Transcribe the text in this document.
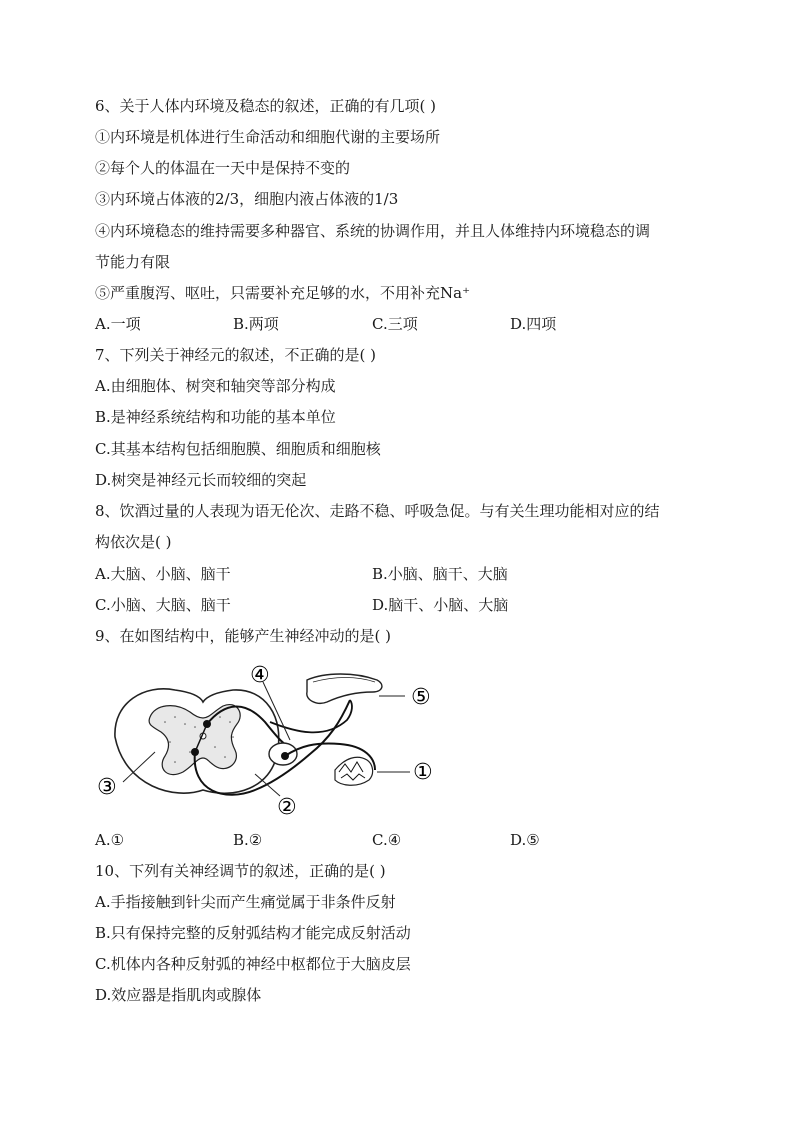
6、关于人体内环境及稳态的叙述，正确的有几项( )
①内环境是机体进行生命活动和细胞代谢的主要场所
②每个人的体温在一天中是保持不变的
③内环境占体液的2/3，细胞内液占体液的1/3
④内环境稳态的维持需要多种器官、系统的协调作用，并且人体维持内环境稳态的调
节能力有限
⑤严重腹泻、呕吐，只需要补充足够的水，不用补充Na⁺
A.一项	B.两项	C.三项	D.四项
7、下列关于神经元的叙述，不正确的是( )
A.由细胞体、树突和轴突等部分构成
B.是神经系统结构和功能的基本单位
C.其基本结构包括细胞膜、细胞质和细胞核
D.树突是神经元长而较细的突起
8、饮酒过量的人表现为语无伦次、走路不稳、呼吸急促。与有关生理功能相对应的结
构依次是( )
A.大脑、小脑、脑干	B.小脑、脑干、大脑
C.小脑、大脑、脑干	D.脑干、小脑、大脑
9、在如图结构中，能够产生神经冲动的是( )
①
②
③
④
⑤
A.①	B.②	C.④	D.⑤
10、下列有关神经调节的叙述，正确的是( )
A.手指接触到针尖而产生痛觉属于非条件反射
B.只有保持完整的反射弧结构才能完成反射活动
C.机体内各种反射弧的神经中枢都位于大脑皮层
D.效应器是指肌肉或腺体
